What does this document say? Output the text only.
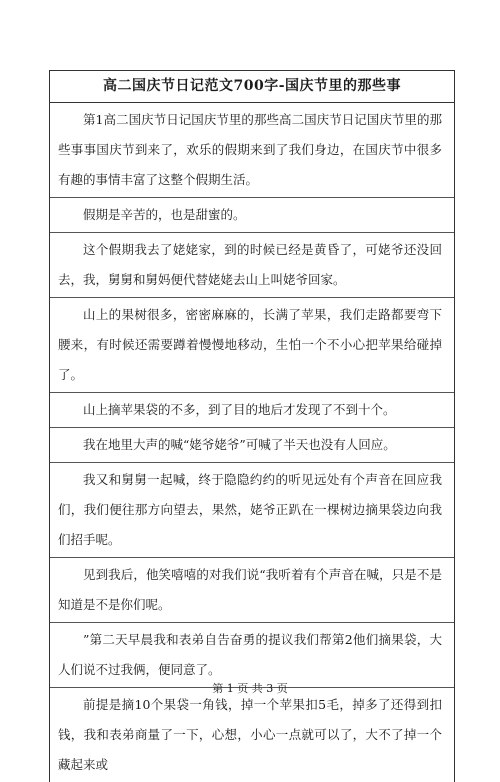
高二国庆节日记范文700字-国庆节里的那些事
第1高二国庆节日记国庆节里的那些高二国庆节日记国庆节里的那些事事国庆节到来了，欢乐的假期来到了我们身边，在国庆节中很多有趣的事情丰富了这整个假期生活。
假期是辛苦的，也是甜蜜的。
这个假期我去了姥姥家，到的时候已经是黄昏了，可姥爷还没回去，我，舅舅和舅妈便代替姥姥去山上叫姥爷回家。
山上的果树很多，密密麻麻的，长满了苹果，我们走路都要弯下腰来，有时候还需要蹲着慢慢地移动，生怕一个不小心把苹果给碰掉了。
山上摘苹果袋的不多，到了目的地后才发现了不到十个。
我在地里大声的喊“姥爷姥爷”可喊了半天也没有人回应。
我又和舅舅一起喊，终于隐隐约约的听见远处有个声音在回应我们，我们便往那方向望去，果然，姥爷正趴在一棵树边摘果袋边向我们招手呢。
见到我后，他笑嘻嘻的对我们说“我听着有个声音在喊，只是不是知道是不是你们呢。
”第二天早晨我和表弟自告奋勇的提议我们帮第2他们摘果袋，大人们说不过我俩，便同意了。
前提是摘10个果袋一角钱，掉一个苹果扣5毛，掉多了还得到扣钱，我和表弟商量了一下，心想，小心一点就可以了，大不了掉一个藏起来或
第 1 页 共 3 页
